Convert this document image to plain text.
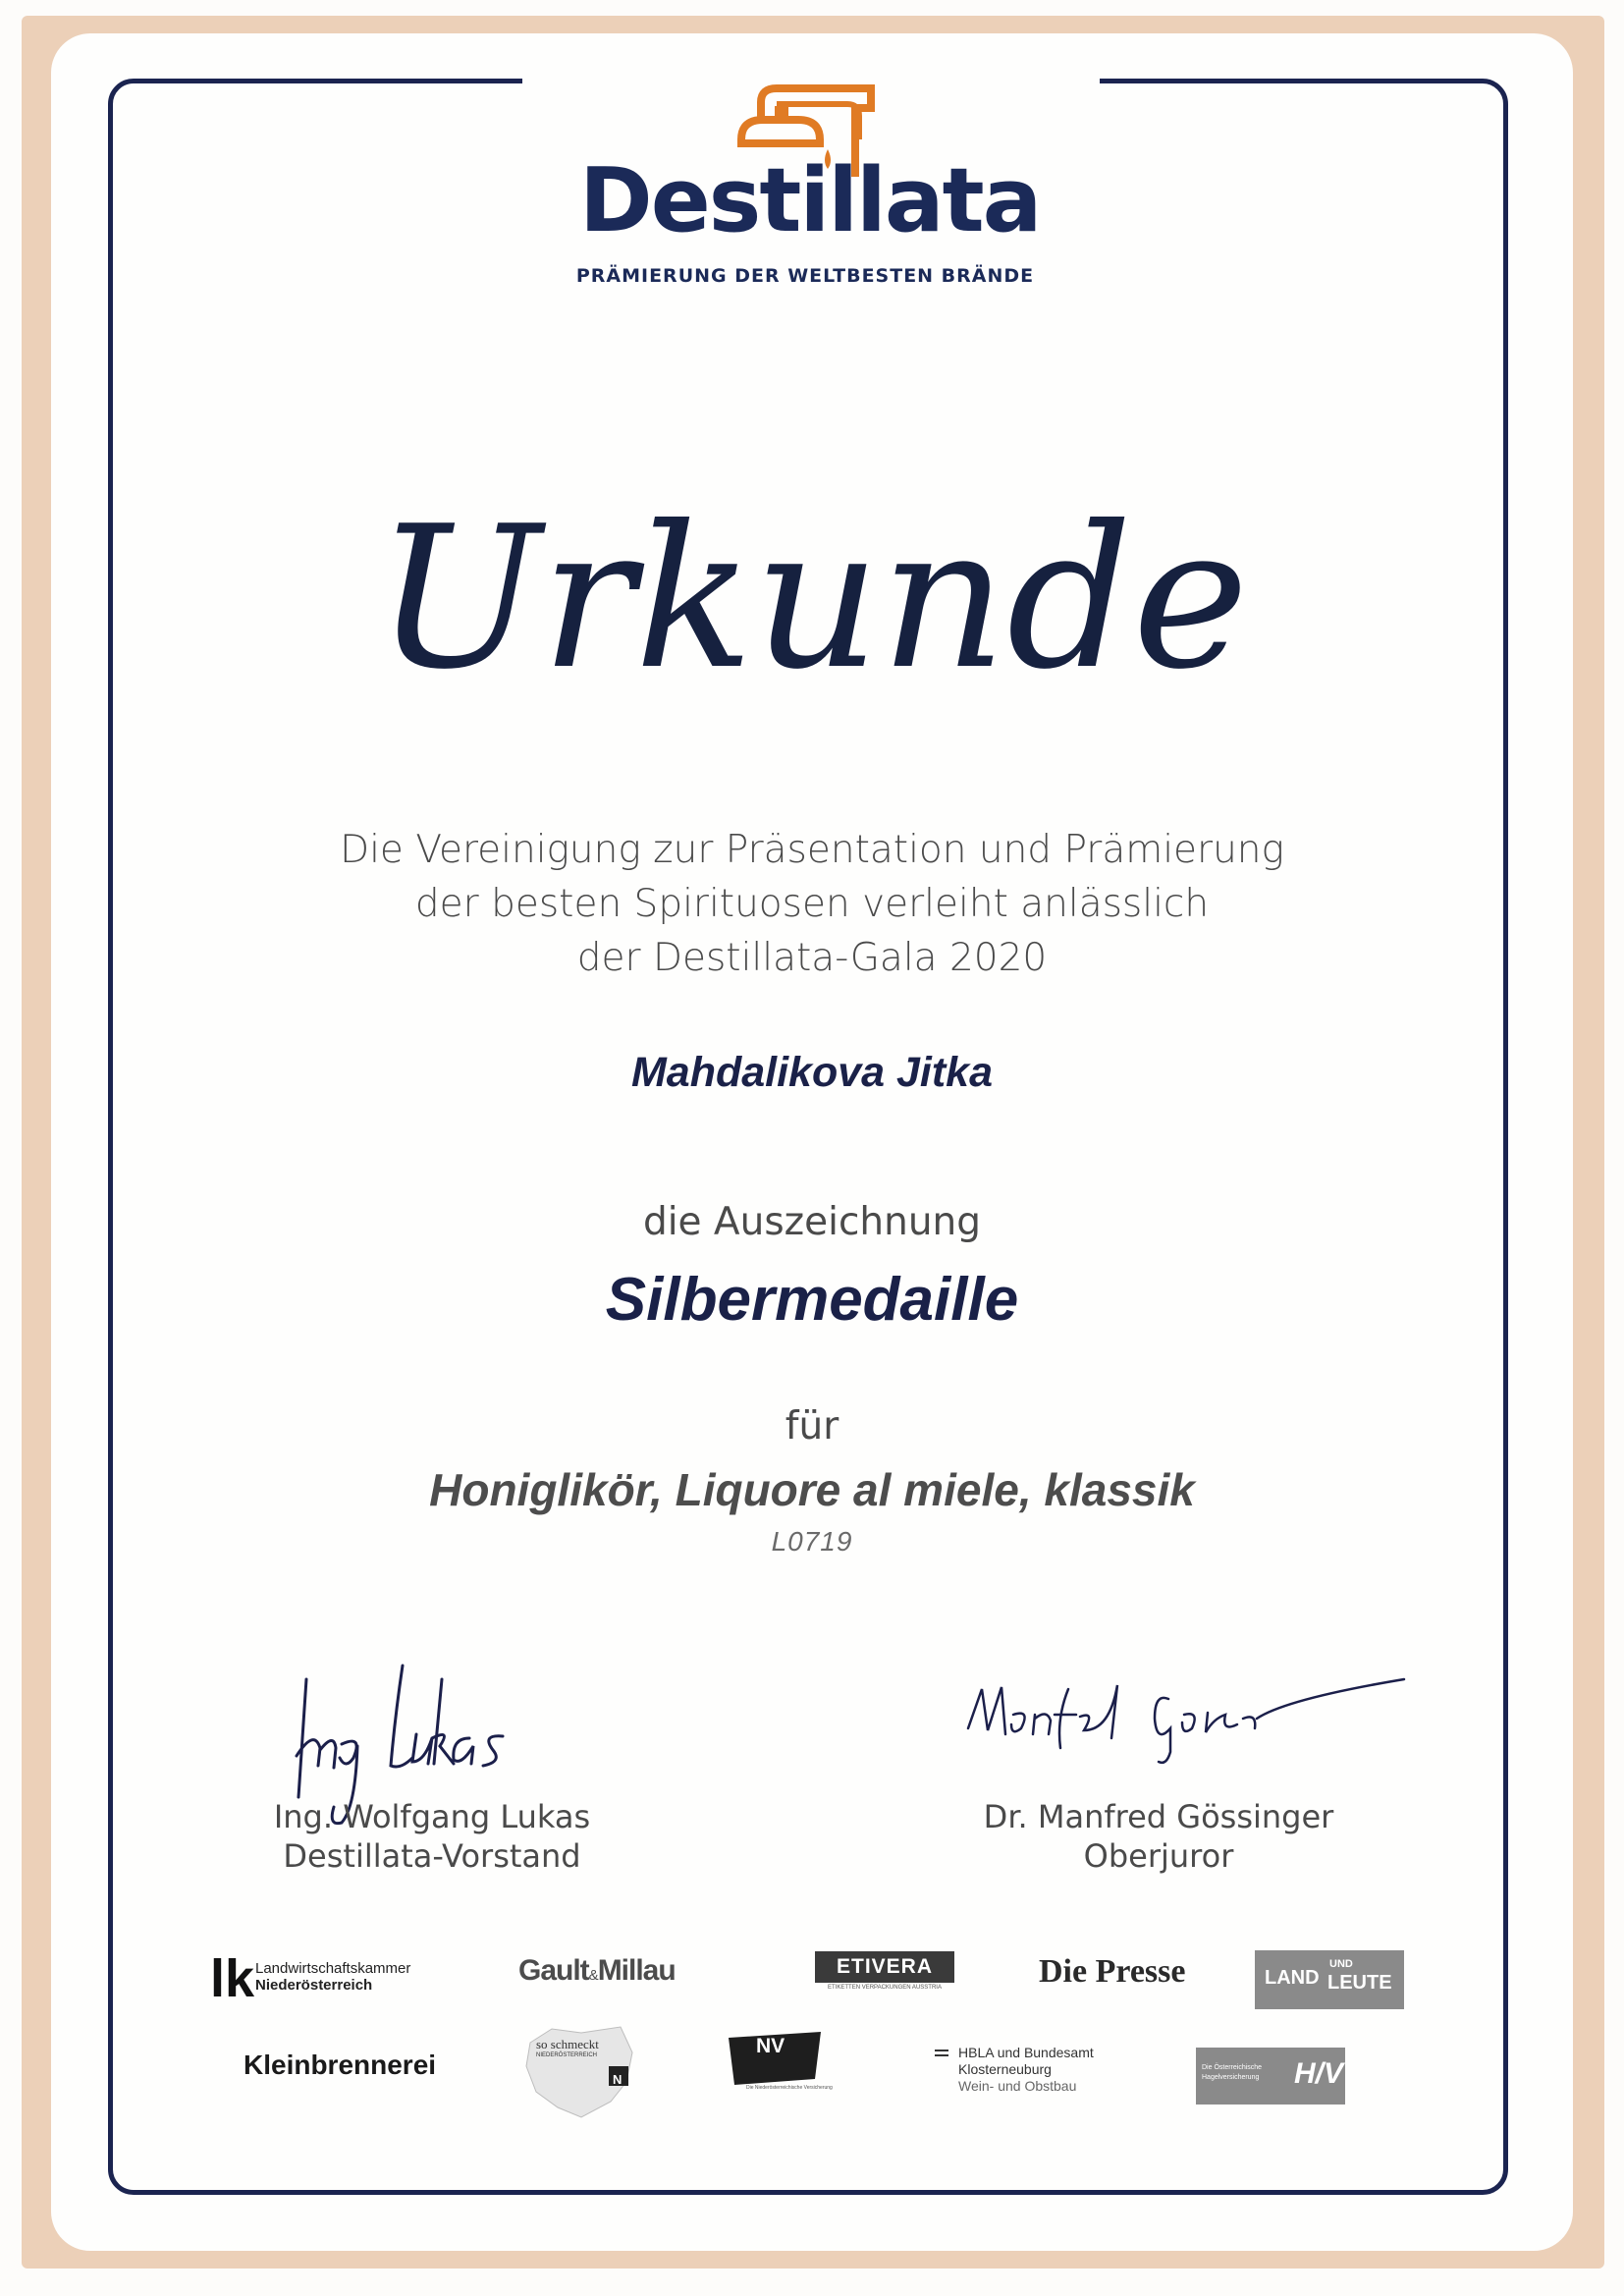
Destillata
PRÄMIERUNG DER WELTBESTEN BRÄNDE
Urkunde
Die Vereinigung zur Präsentation und Prämierung
der besten Spirituosen verleiht anlässlich
der Destillata-Gala 2020
Mahdalikova Jitka
die Auszeichnung
Silbermedaille
für
Honiglikör, Liquore al miele, klassik
L0719
Ing. Wolfgang Lukas
Destillata-Vorstand
Dr. Manfred Gössinger
Oberjuror
lk Landwirtschaftskammer
Niederösterreich	Gault&Millau	ETIVERA
ETIKETTEN VERPACKUNGEN AUSSTRIA	Die Presse	LAND
UND
LEUTE
Kleinbrennerei
so schmeckt
NIEDERÖSTERREICH
N
NV
Die Niederösterreichische Versicherung
HBLA und Bundesamt
Klosterneuburg
Wein- und Obstbau
Die Österreichische Hagelversicherung	H/V
